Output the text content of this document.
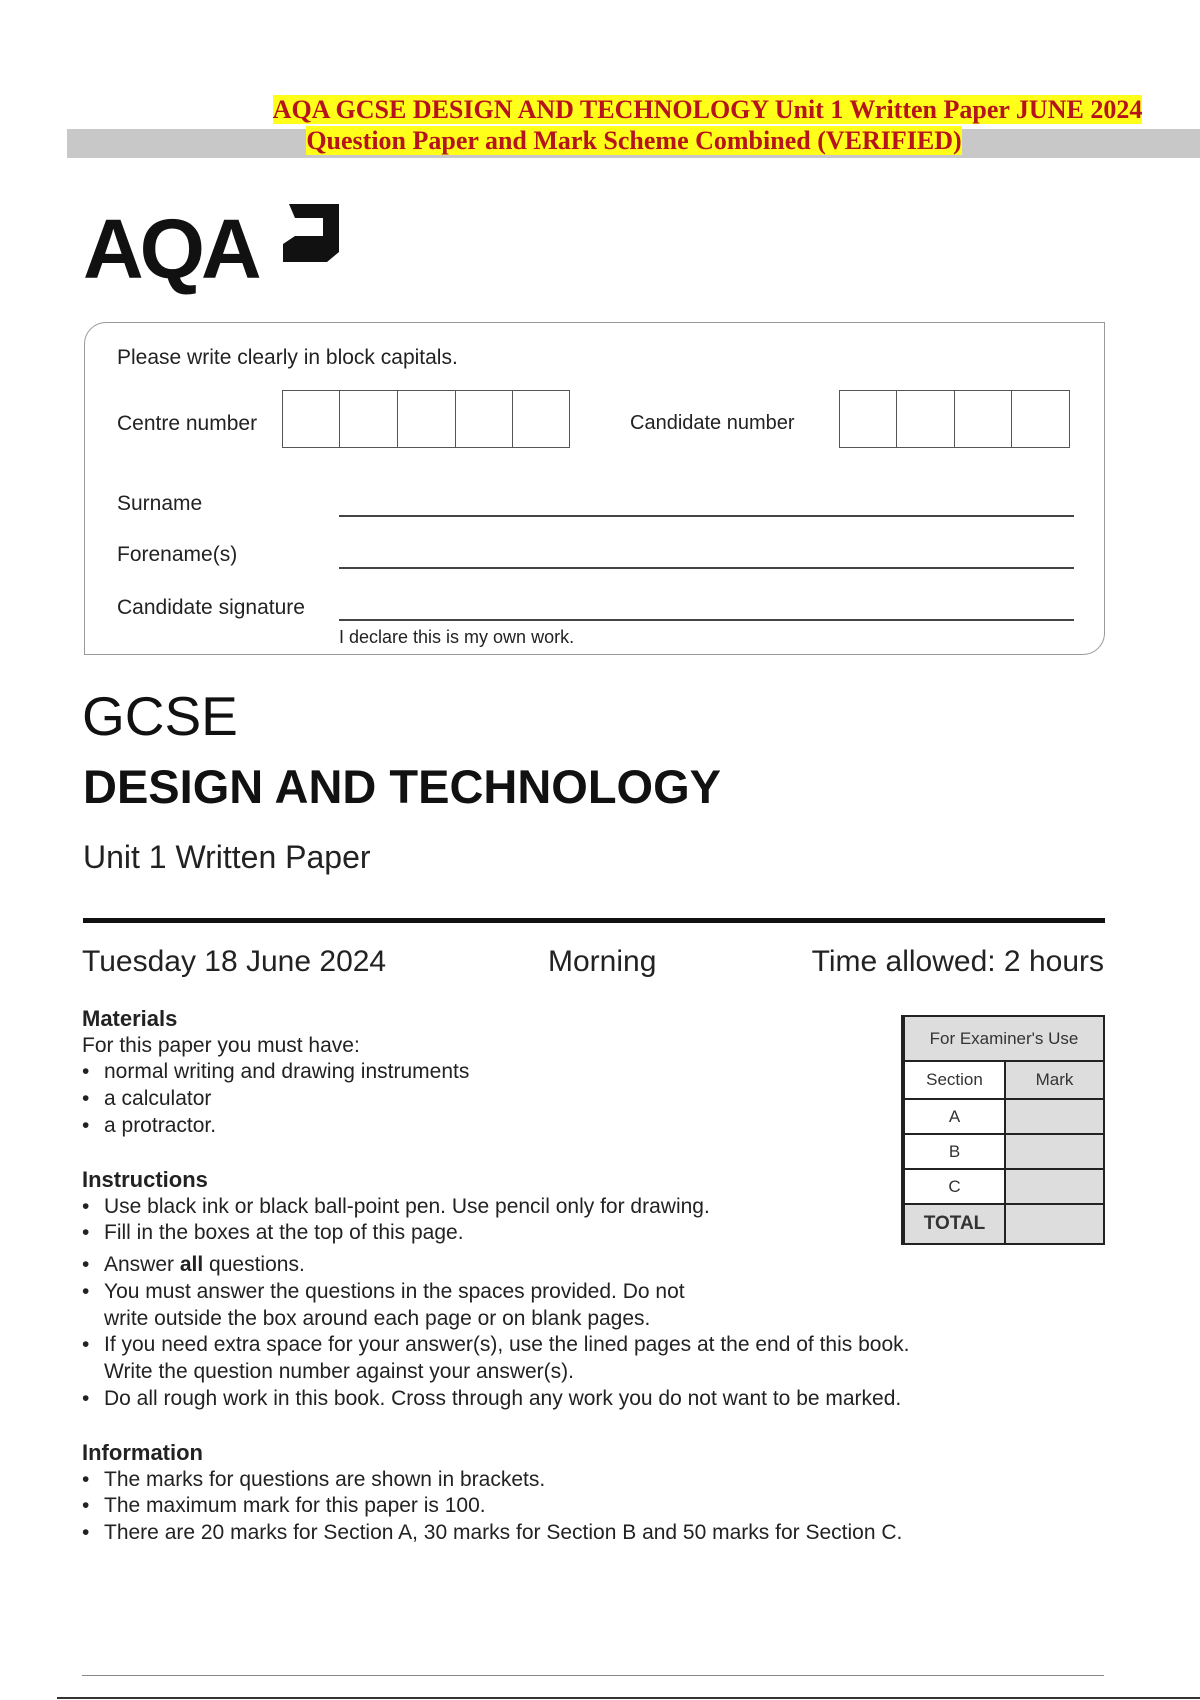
AQA GCSE DESIGN AND TECHNOLOGY Unit 1 Written Paper JUNE 2024
Question Paper and Mark Scheme Combined (VERIFIED)
AQA
Please write clearly in block capitals.
Centre number	Candidate number
Surname
Forename(s)
Candidate signature
I declare this is my own work.
GCSE
DESIGN AND TECHNOLOGY
Unit 1 Written Paper
Tuesday 18 June 2024	Morning	Time allowed: 2 hours
Materials
For this paper you must have:
• normal writing and drawing instruments
• a calculator
• a protractor.
Instructions
• Use black ink or black ball-point pen. Use pencil only for drawing.
• Fill in the boxes at the top of this page.
• Answer all questions.
• You must answer the questions in the spaces provided. Do not write outside the box around each page or on blank pages.
• If you need extra space for your answer(s), use the lined pages at the end of this book. Write the question number against your answer(s).
• Do all rough work in this book. Cross through any work you do not want to be marked.
Information
• The marks for questions are shown in brackets.
• The maximum mark for this paper is 100.
• There are 20 marks for Section A, 30 marks for Section B and 50 marks for Section C.
For Examiner's Use	
Section	Mark
A	
B	
C	
TOTAL	
